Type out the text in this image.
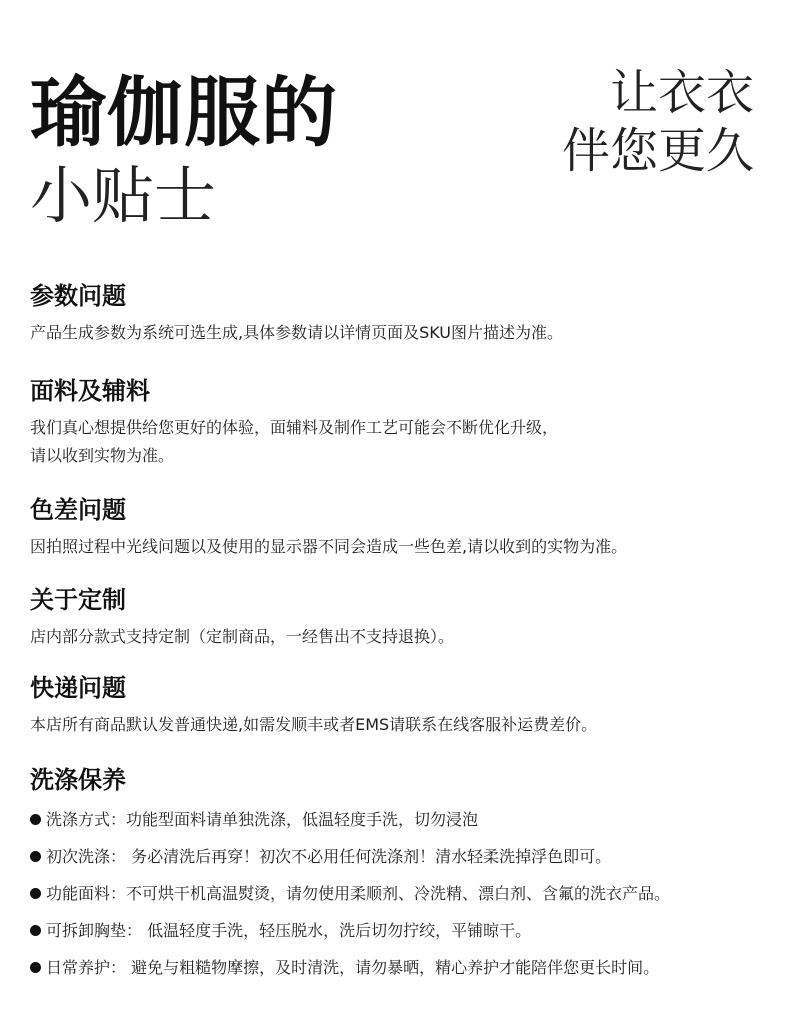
瑜伽服的
小贴士
让衣衣
伴您更久
参数问题

产品生成参数为系统可选生成,具体参数请以详情页面及SKU图片描述为准。

面料及辅料

我们真心想提供给您更好的体验，面辅料及制作工艺可能会不断优化升级，
请以收到实物为准。

色差问题

因拍照过程中光线问题以及使用的显示器不同会造成一些色差,请以收到的实物为准。

关于定制

店内部分款式支持定制（定制商品，一经售出不支持退换）。

快递问题

本店所有商品默认发普通快递,如需发顺丰或者EMS请联系在线客服补运费差价。

洗涤保养
洗涤方式：功能型面料请单独洗涤，低温轻度手洗，切勿浸泡
初次洗涤： 务必清洗后再穿！初次不必用任何洗涤剂！清水轻柔洗掉浮色即可。
功能面料：不可烘干机高温熨烫，请勿使用柔顺剂、冷洗精、漂白剂、含氟的洗衣产品。
可拆卸胸垫： 低温轻度手洗，轻压脱水，洗后切勿拧绞，平铺晾干。
日常养护： 避免与粗糙物摩擦，及时清洗，请勿暴晒，精心养护才能陪伴您更长时间。
